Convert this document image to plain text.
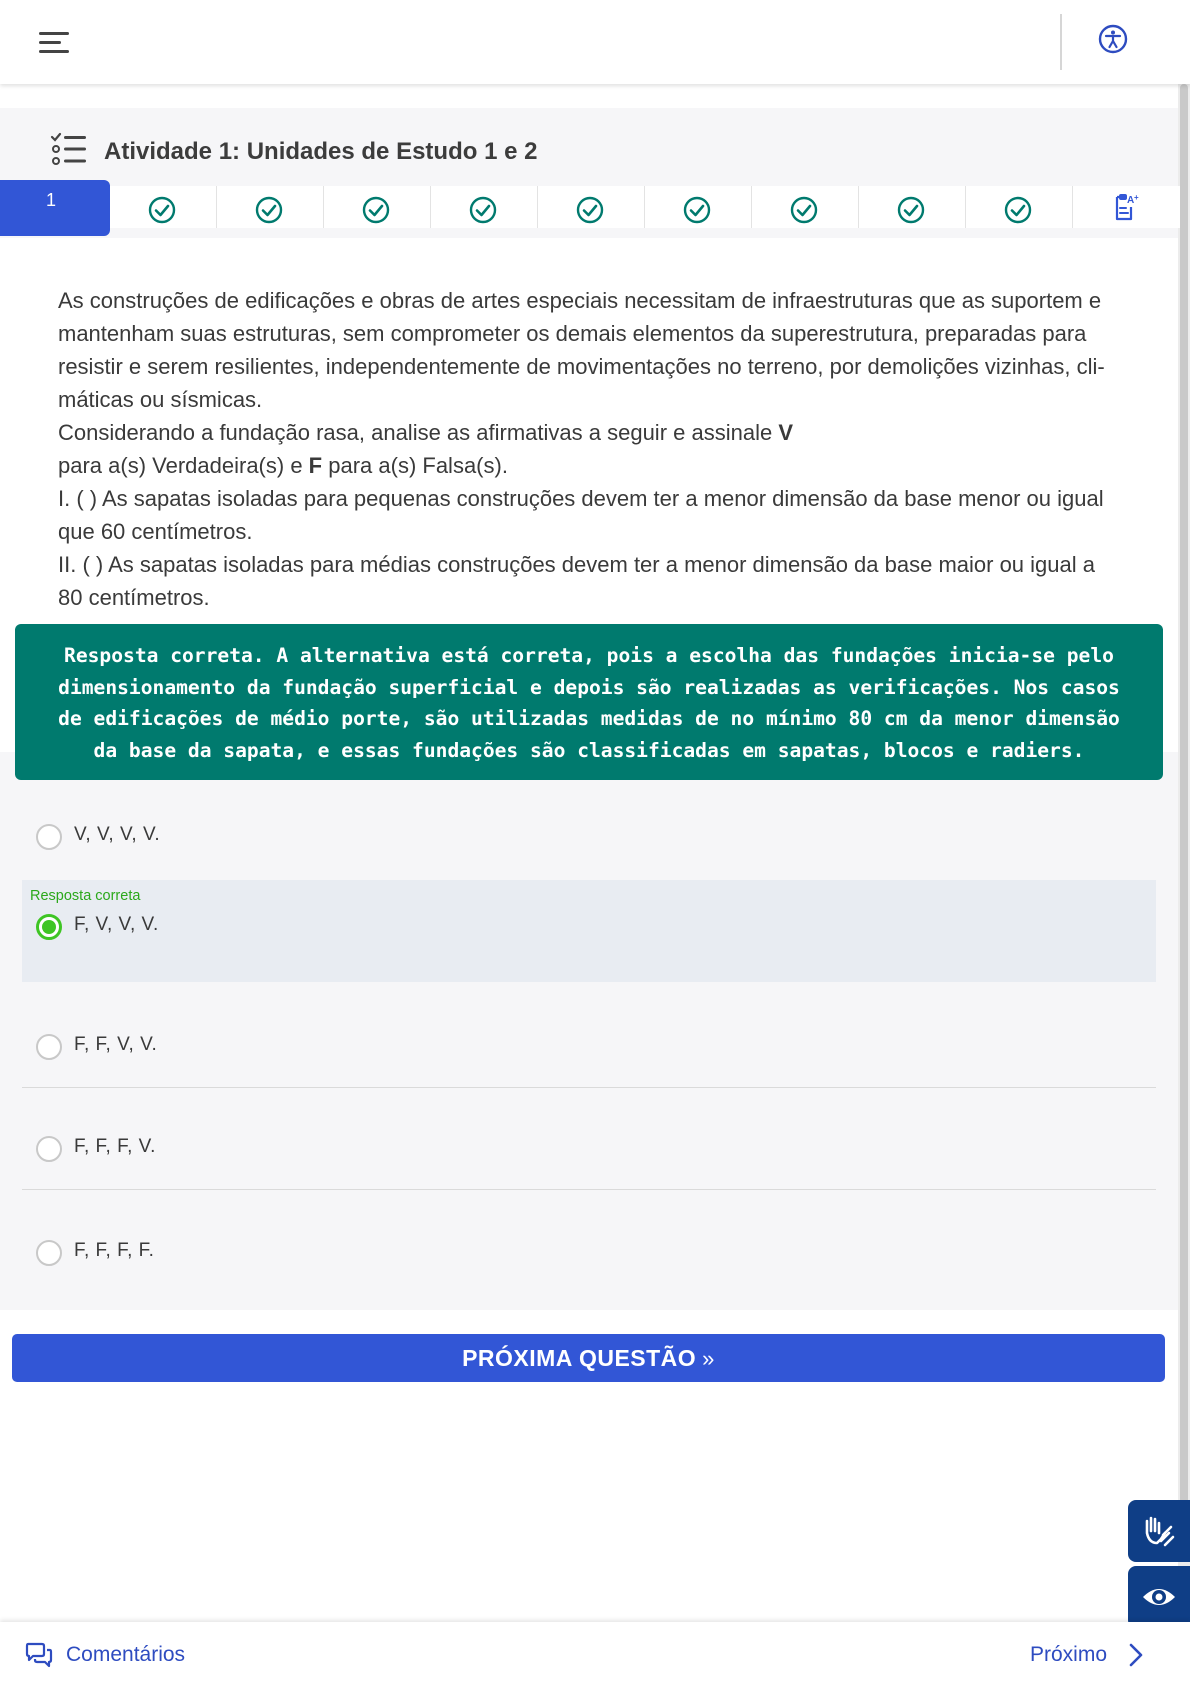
Atividade 1: Unidades de Estudo 1 e 2
1	A +

As construções de edificações e obras de artes especiais necessitam de infraestruturas que as suportem e mantenham suas estruturas, sem comprometer os demais elementos da superestrutura, preparadas para resistir e serem resilientes, independentemente de movimentações no terreno, por demolições vizinhas, cli-máticas ou sísmicas.

Considerando a fundação rasa, analise as afirmativas a seguir e assinale V
para a(s) Verdadeira(s) e F para a(s) Falsa(s).

I. ( ) As sapatas isoladas para pequenas construções devem ter a menor dimensão da base menor ou igual que 60 centímetros.

II. ( ) As sapatas isoladas para médias construções devem ter a menor dimensão da base maior ou igual a 80 centímetros.

Resposta correta. A alternativa está correta, pois a escolha das fundações inicia-se pelo dimensionamento da fundação superficial e depois são realizadas as verificações. Nos casos de edificações de médio porte, são utilizadas medidas de no mínimo 80 cm da menor dimensão da base da sapata, e essas fundações são classificadas em sapatas, blocos e radiers.
V, V, V, V.
Resposta correta
F, V, V, V.
F, F, V, V.
F, F, F, V.
F, F, F, F.
PRÓXIMA QUESTÃO »
Comentários	Próximo
